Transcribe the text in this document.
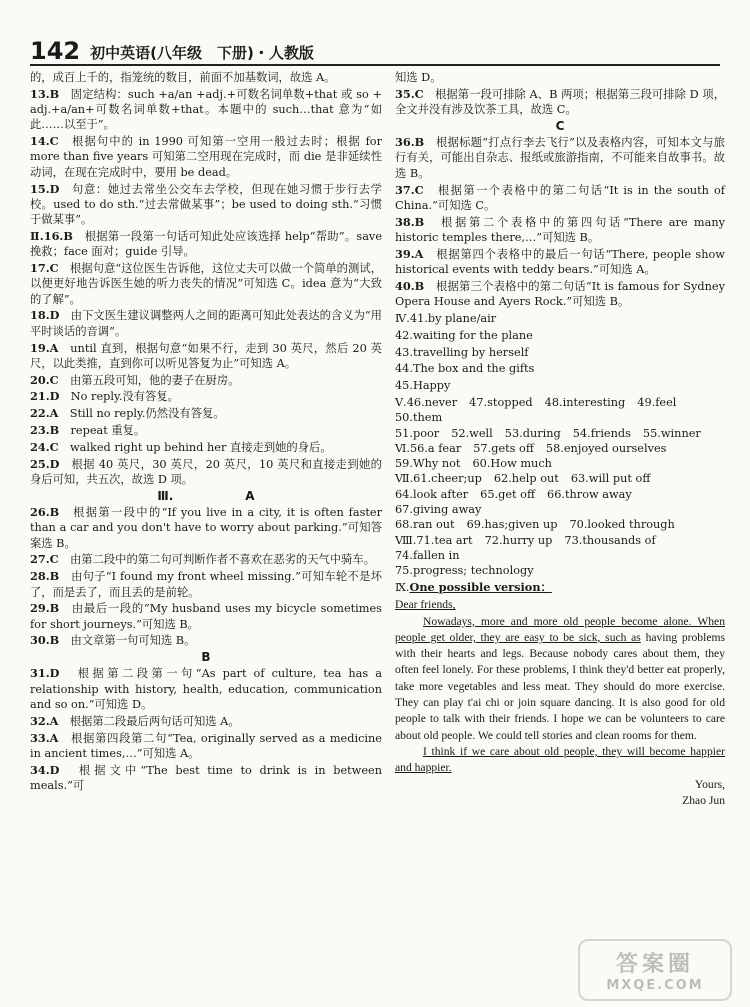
142 初中英语(八年级　下册)・人教版
的，成百上千的，指笼统的数目，前面不加基数词，故选 A。
13.B　 固定结构：such +a/an +adj.+可数名词单数+that 或 so + adj.+a/an+可数名词单数+that。本题中的 such…that 意为“如此……以至于”。
14.C　 根据句中的 in 1990 可知第一空用一般过去时；根据 for more than five years 可知第二空用现在完成时，而 die 是非延续性动词，在现在完成时中，要用 be dead。
15.D　 句意：她过去常坐公交车去学校，但现在她习惯于步行去学校。used to do sth.“过去常做某事”；be used to doing sth.“习惯于做某事”。
Ⅱ.16.B　 根据第一段第一句话可知此处应该选择 help“帮助”。save 挽救；face 面对；guide 引导。
17.C　 根据句意“这位医生告诉他，这位丈夫可以做一个简单的测试，以便更好地告诉医生她的听力丧失的情况”可知选 C。idea 意为“大致的了解”。
18.D　 由下文医生建议调整两人之间的距离可知此处表达的含义为“用平时谈话的音调”。
19.A　 until 直到，根据句意“如果不行，走到 30 英尺，然后 20 英尺，以此类推，直到你可以听见答复为止”可知选 A。
20.C　 由第五段可知，他的妻子在厨房。
21.D　 No reply.没有答复。
22.A　 Still no reply.仍然没有答复。
23.B　 repeat 重复。
24.C　 walked right up behind her 直接走到她的身后。
25.D　 根据 40 英尺，30 英尺，20 英尺，10 英尺和直接走到她的身后可知，共五次，故选 D 项。
Ⅲ.　　　　　　A
26.B　 根据第一段中的“If you live in a city, it is often faster than a car and you don't have to worry about parking.”可知答案选 B。
27.C　 由第二段中的第二句可判断作者不喜欢在恶劣的天气中骑车。
28.B　 由句子“I found my front wheel missing.”可知车轮不是坏了，而是丢了，而且丢的是前轮。
29.B　 由最后一段的“My husband uses my bicycle sometimes for short journeys.”可知选 B。
30.B　 由文章第一句可知选 B。
B
31.D　 根据第二段第一句“As part of culture, tea has a relationship with history, health, education, communication and so on.”可知选 D。
32.A　 根据第二段最后两句话可知选 A。
33.A　 根据第四段第二句“Tea, originally served as a medicine in ancient times,…”可知选 A。
34.D　 根据文中“The best time to drink is in between meals.”可
知选 D。
35.C　 根据第一段可排除 A、B 两项；根据第三段可排除 D 项，全文并没有涉及饮茶工具，故选 C。
C
36.B　 根据标题“打点行李去飞行”以及表格内容，可知本文与旅行有关，可能出自杂志、报纸或旅游指南，不可能来自故事书。故选 B。
37.C　 根据第一个表格中的第二句话“It is in the south of China.”可知选 C。
38.B　 根据第二个表格中的第四句话“There are many historic temples there,…”可知选 B。
39.A　 根据第四个表格中的最后一句话“There, people show historical events with teddy bears.”可知选 A。
40.B　 根据第三个表格中的第二句话“It is famous for Sydney Opera House and Ayers Rock.”可知选 B。
Ⅳ.41.by plane/air
42.waiting for the plane
43.travelling by herself
44.The box and the gifts
45.Happy
Ⅴ.46.never 47.stopped 48.interesting 49.feel
50.them
51.poor 52.well 53.during 54.friends 55.winner
Ⅵ.56.a fear 57.gets off 58.enjoyed ourselves
59.Why not 60.How much
Ⅶ.61.cheer;up 62.help out 63.will put off
64.look after 65.get off 66.throw away
67.giving away
68.ran out 69.has;given up 70.looked through
Ⅷ.71.tea art 72.hurry up 73.thousands of
74.fallen in
75.progress; technology
Ⅸ.One possible version：

Dear friends,

Nowadays, more and more old people become alone. When people get older, they are easy to be sick, such as having problems with their hearts and legs. Because nobody cares about them, they often feel lonely. For these problems, I think they'd better eat properly, take more vegetables and less meat. They should do more exercise. They can play t'ai chi or join square dancing. It is also good for old people to talk with their friends. I hope we can be volunteers to care about old people. We could tell stories and clean rooms for them.

I think if we care about old people, they will become happier and happier.

Yours,

Zhao Jun

答案圈
MXQE.COM
